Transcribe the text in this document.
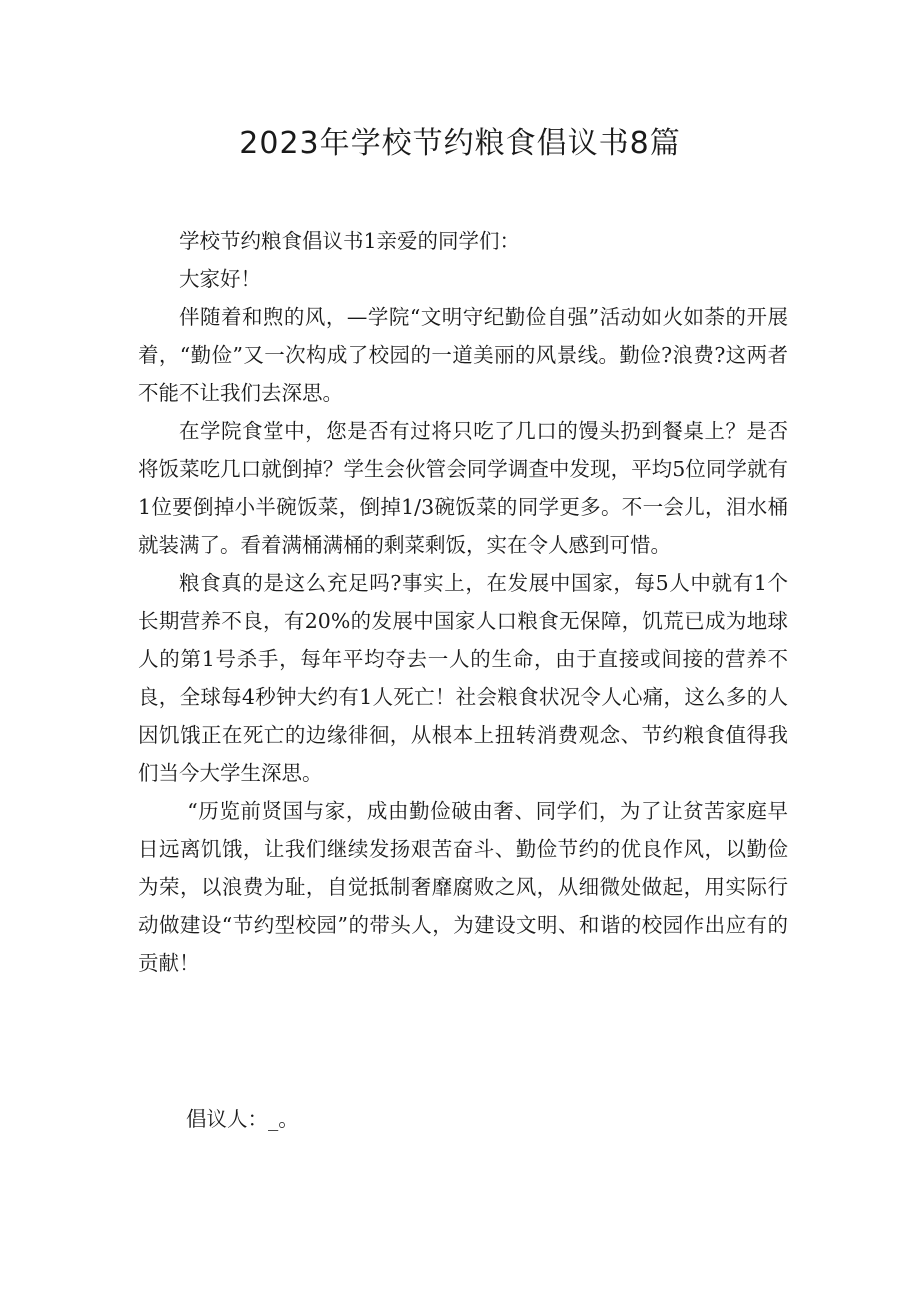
2023年学校节约粮食倡议书8篇

学校节约粮食倡议书1亲爱的同学们：

大家好！

伴随着和煦的风，—学院“文明守纪勤俭自强”活动如火如荼的开展着，“勤俭”又一次构成了校园的一道美丽的风景线。勤俭?浪费?这两者不能不让我们去深思。

在学院食堂中，您是否有过将只吃了几口的馒头扔到餐桌上？是否将饭菜吃几口就倒掉？学生会伙管会同学调查中发现，平均5位同学就有1位要倒掉小半碗饭菜，倒掉1/3碗饭菜的同学更多。不一会儿，泪水桶就装满了。看着满桶满桶的剩菜剩饭，实在令人感到可惜。

粮食真的是这么充足吗?事实上，在发展中国家，每5人中就有1个长期营养不良，有20%的发展中国家人口粮食无保障，饥荒已成为地球人的第1号杀手，每年平均夺去一人的生命，由于直接或间接的营养不良，全球每4秒钟大约有1人死亡！社会粮食状况令人心痛，这么多的人因饥饿正在死亡的边缘徘徊，从根本上扭转消费观念、节约粮食值得我们当今大学生深思。

“历览前贤国与家，成由勤俭破由奢、同学们，为了让贫苦家庭早日远离饥饿，让我们继续发扬艰苦奋斗、勤俭节约的优良作风，以勤俭为荣，以浪费为耻，自觉抵制奢靡腐败之风，从细微处做起，用实际行动做建设“节约型校园”的带头人，为建设文明、和谐的校园作出应有的贡献！

倡议人：_。
